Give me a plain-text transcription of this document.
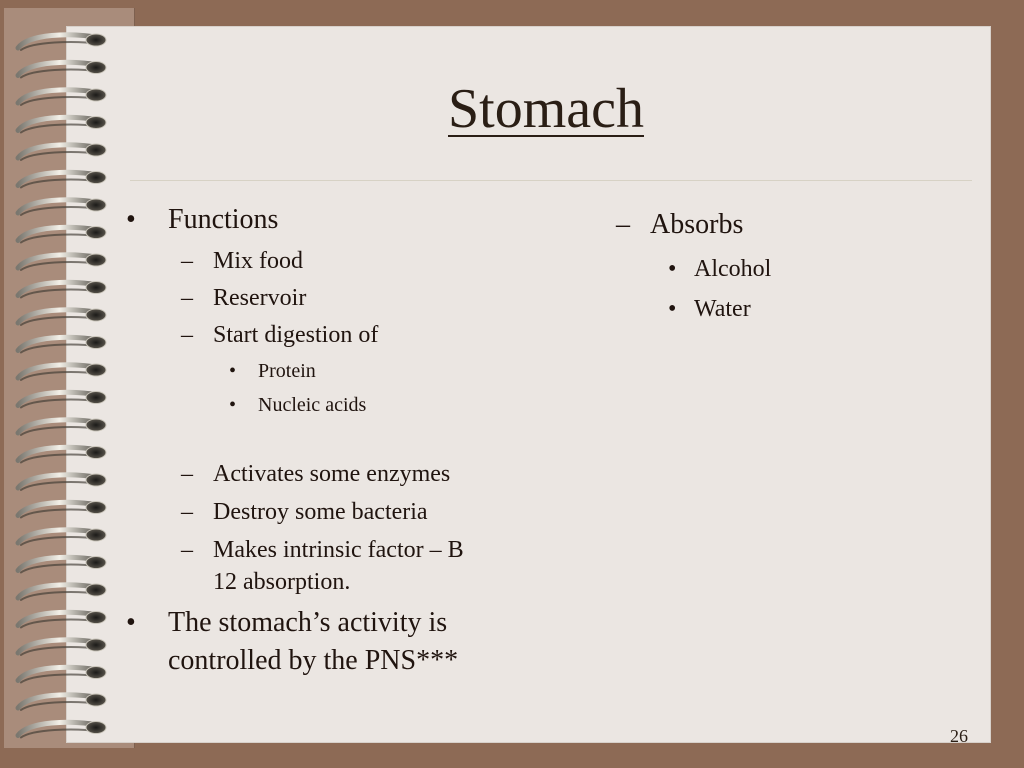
Stomach
• Functions
– Mix food
– Reservoir
– Start digestion of
• Protein
• Nucleic acids
– Activates some enzymes
– Destroy some bacteria
– Makes intrinsic factor – B
12 absorption.
• The stomach’s activity is
controlled by the PNS***
– Absorbs
• Alcohol
• Water
26
